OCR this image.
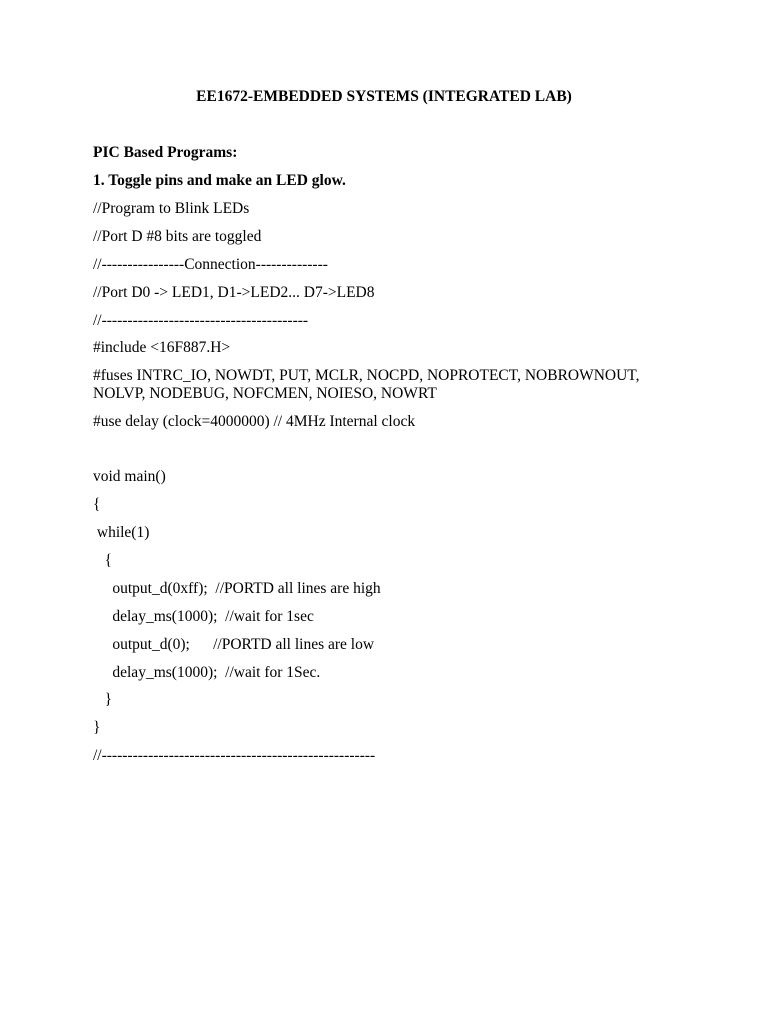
EE1672-EMBEDDED SYSTEMS (INTEGRATED LAB)
PIC Based Programs:
1. Toggle pins and make an LED glow.
//Program to Blink LEDs
//Port D #8 bits are toggled
//----------------Connection--------------
//Port D0 -> LED1, D1->LED2... D7->LED8
//----------------------------------------
#include <16F887.H>
#fuses INTRC_IO, NOWDT, PUT, MCLR, NOCPD, NOPROTECT, NOBROWNOUT,
NOLVP, NODEBUG, NOFCMEN, NOIESO, NOWRT
#use delay (clock=4000000) // 4MHz Internal clock
void main()
{
while(1)
{
output_d(0xff);  //PORTD all lines are high
delay_ms(1000);  //wait for 1sec
output_d(0);      //PORTD all lines are low
delay_ms(1000);  //wait for 1Sec.
}
}
//-----------------------------------------------------
